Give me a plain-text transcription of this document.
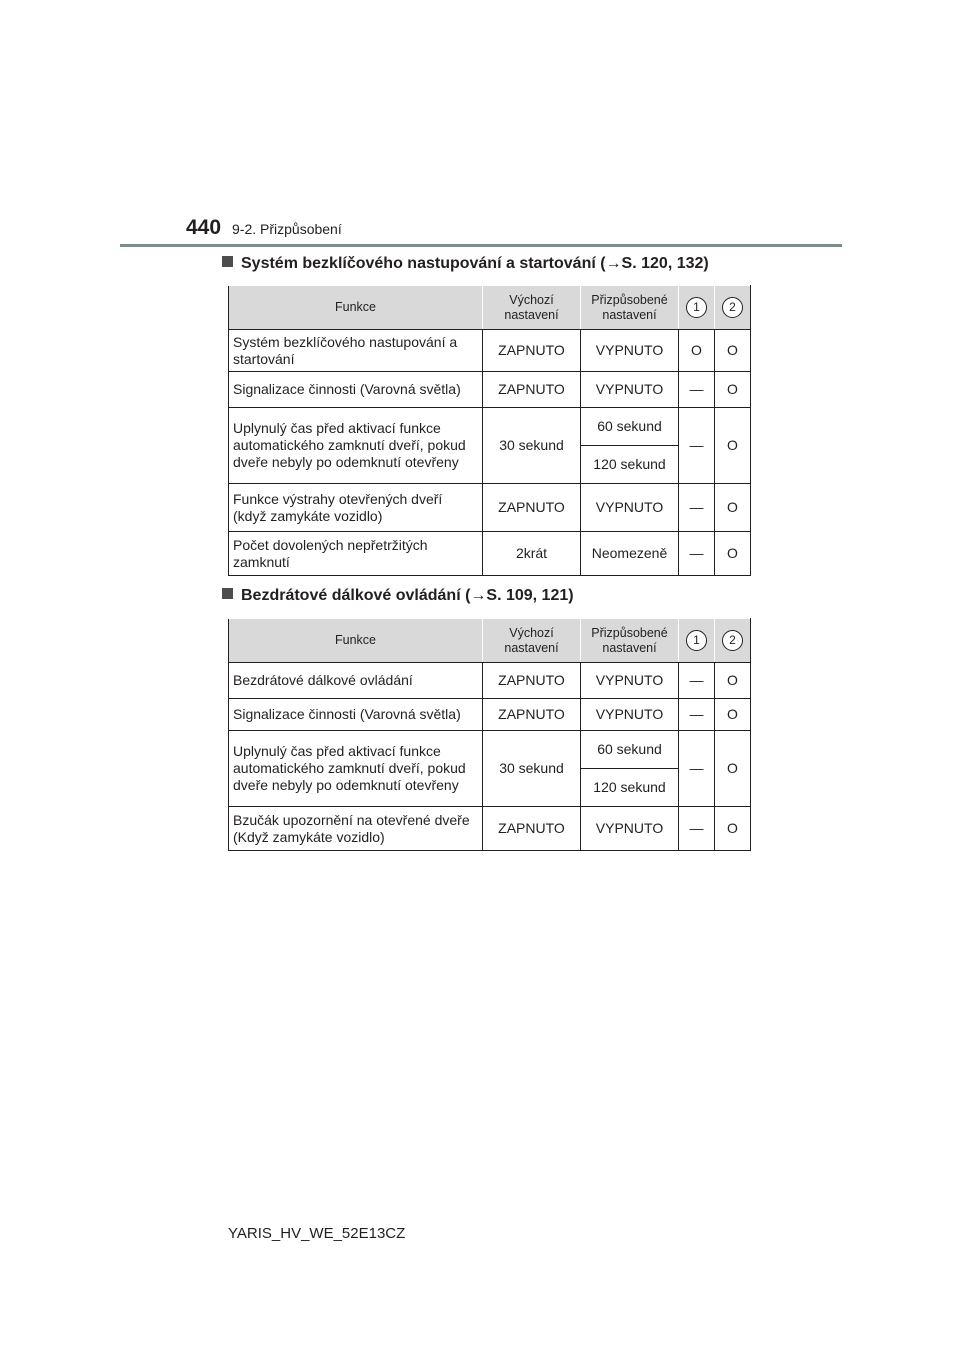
440 9-2. Přizpůsobení
Systém bezklíčového nastupování a startování (→S. 120, 132)
Funkce	Výchozí nastavení	Přizpůsobené nastavení	1	2
Systém bezklíčového nastupování a startování	ZAPNUTO	VYPNUTO	O	O
Signalizace činnosti (Varovná světla)	ZAPNUTO	VYPNUTO	—	O
Uplynulý čas před aktivací funkce automatického zamknutí dveří, pokud dveře nebyly po odemknutí otevřeny	30 sekund	60 sekund	—	O
		120 sekund		
Funkce výstrahy otevřených dveří (když zamykáte vozidlo)	ZAPNUTO	VYPNUTO	—	O
Počet dovolených nepřetržitých zamknutí	2krát	Neomezeně	—	O
Bezdrátové dálkové ovládání (→S. 109, 121)
Funkce	Výchozí nastavení	Přizpůsobené nastavení	1	2
Bezdrátové dálkové ovládání	ZAPNUTO	VYPNUTO	—	O
Signalizace činnosti (Varovná světla)	ZAPNUTO	VYPNUTO	—	O
Uplynulý čas před aktivací funkce automatického zamknutí dveří, pokud dveře nebyly po odemknutí otevřeny	30 sekund	60 sekund	—	O
		120 sekund		
Bzučák upozornění na otevřené dveře (Když zamykáte vozidlo)	ZAPNUTO	VYPNUTO	—	O
YARIS_HV_WE_52E13CZ
